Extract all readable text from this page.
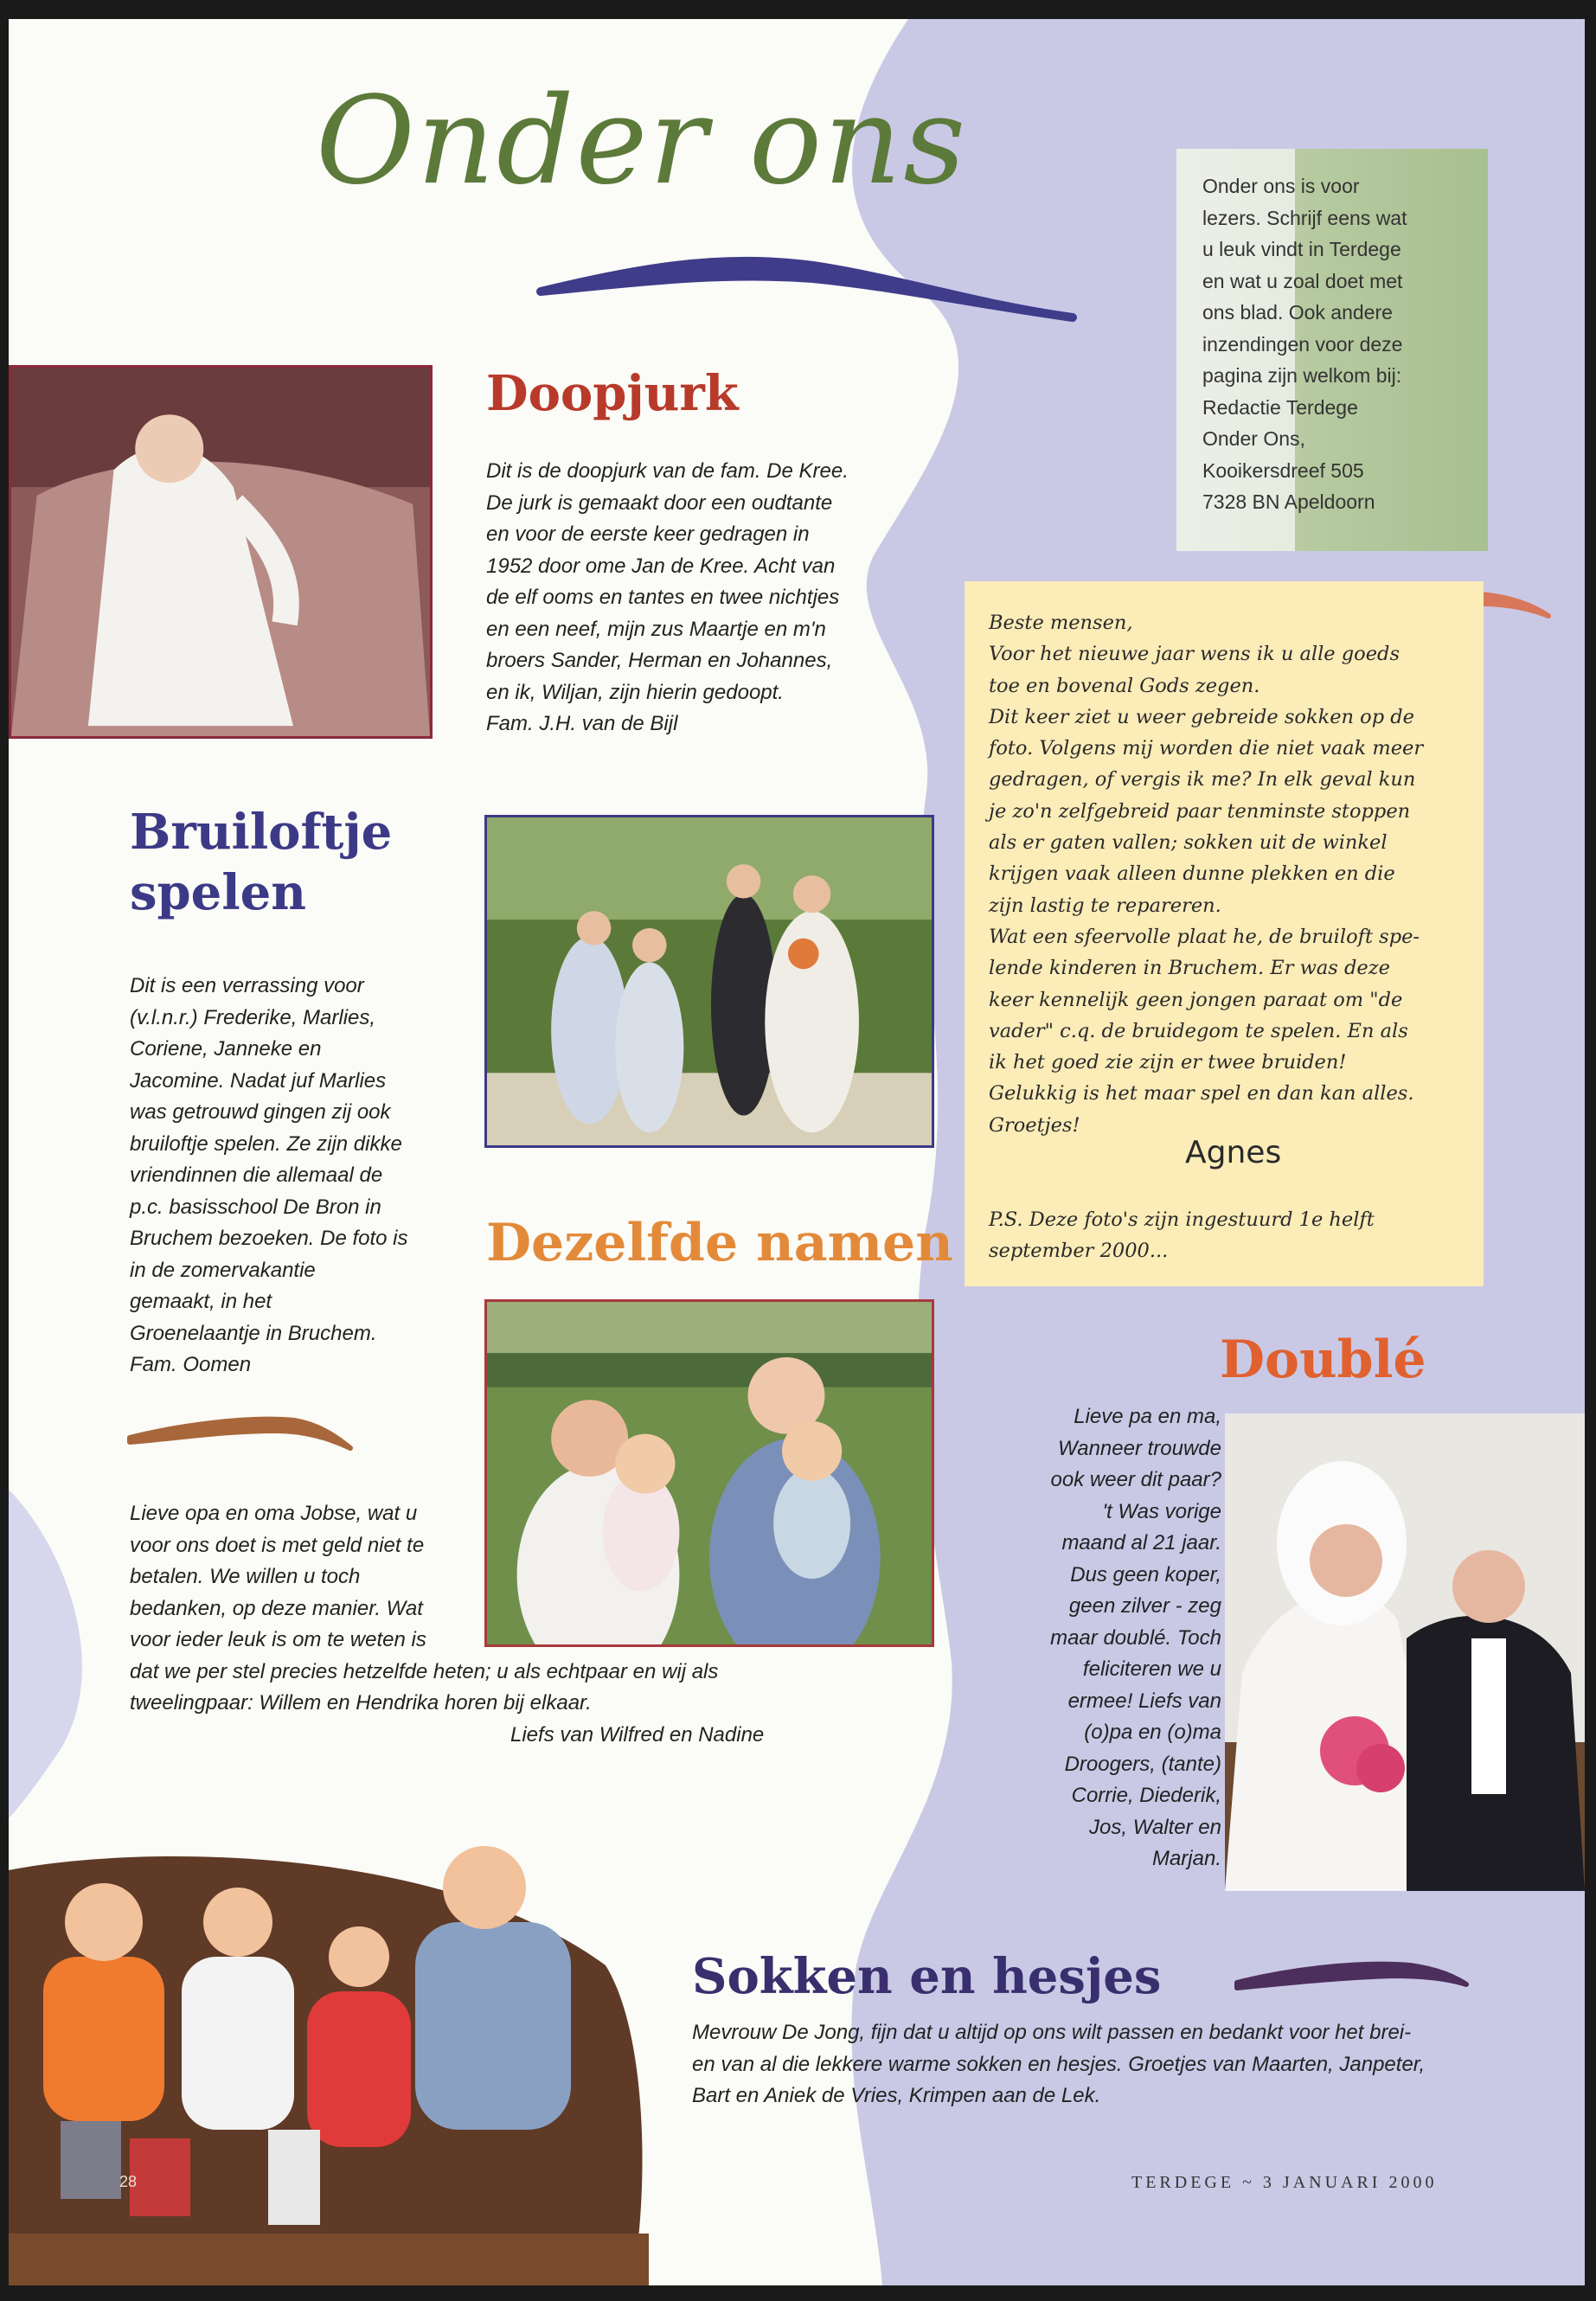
Onder ons	Onder ons is voor
lezers. Schrijf eens wat
u leuk vindt in Terdege
en wat u zoal doet met
ons blad. Ook andere
inzendingen voor deze
pagina zijn welkom bij:
Redactie Terdege
Onder Ons,
Kooikersdreef 505
7328 BN Apeldoorn
Doopjurk

Dit is de doopjurk van de fam. De Kree.

De jurk is gemaakt door een oudtante

en voor de eerste keer gedragen in

1952 door ome Jan de Kree. Acht van

de elf ooms en tantes en twee nichtjes

en een neef, mijn zus Maartje en m'n

broers Sander, Herman en Johannes,

en ik, Wiljan, zijn hierin gedoopt.

Fam. J.H. van de Bijl

Beste mensen,

Voor het nieuwe jaar wens ik u alle goeds

toe en bovenal Gods zegen.

Dit keer ziet u weer gebreide sokken op de

foto. Volgens mij worden die niet vaak meer

gedragen, of vergis ik me? In elk geval kun

je zo'n zelfgebreid paar tenminste stoppen

als er gaten vallen; sokken uit de winkel

krijgen vaak alleen dunne plekken en die

zijn lastig te repareren.

Wat een sfeervolle plaat he, de bruiloft spe-

lende kinderen in Bruchem. Er was deze

keer kennelijk geen jongen paraat om "de

vader" c.q. de bruidegom te spelen. En als

ik het goed zie zijn er twee bruiden!

Gelukkig is het maar spel en dan kan alles.

Groetjes!

Agnes

P.S. Deze foto's zijn ingestuurd 1e helft

september 2000...

Bruiloftje
spelen

Dit is een verrassing voor

(v.l.n.r.) Frederike, Marlies,

Coriene, Janneke en

Jacomine. Nadat juf Marlies

was getrouwd gingen zij ook

bruiloftje spelen. Ze zijn dikke

vriendinnen die allemaal de

p.c. basisschool De Bron in

Bruchem bezoeken. De foto is

in de zomervakantie

gemaakt, in het

Groenelaantje in Bruchem.

Fam. Oomen

Dezelfde namen

Lieve opa en oma Jobse, wat u

voor ons doet is met geld niet te

betalen. We willen u toch

bedanken, op deze manier. Wat

voor ieder leuk is om te weten is

dat we per stel precies hetzelfde heten; u als echtpaar en wij als

tweelingpaar: Willem en Hendrika horen bij elkaar.

Liefs van Wilfred en Nadine

Doublé

Lieve pa en ma,

Wanneer trouwde

ook weer dit paar?

't Was vorige

maand al 21 jaar.

Dus geen koper,

geen zilver - zeg

maar doublé. Toch

feliciteren we u

ermee! Liefs van

(o)pa en (o)ma

Droogers, (tante)

Corrie, Diederik,

Jos, Walter en

Marjan.

28
Sokken en hesjes

Mevrouw De Jong, fijn dat u altijd op ons wilt passen en bedankt voor het brei-

en van al die lekkere warme sokken en hesjes. Groetjes van Maarten, Janpeter,

Bart en Aniek de Vries, Krimpen aan de Lek.

TERDEGE ~ 3 JANUARI 2000
